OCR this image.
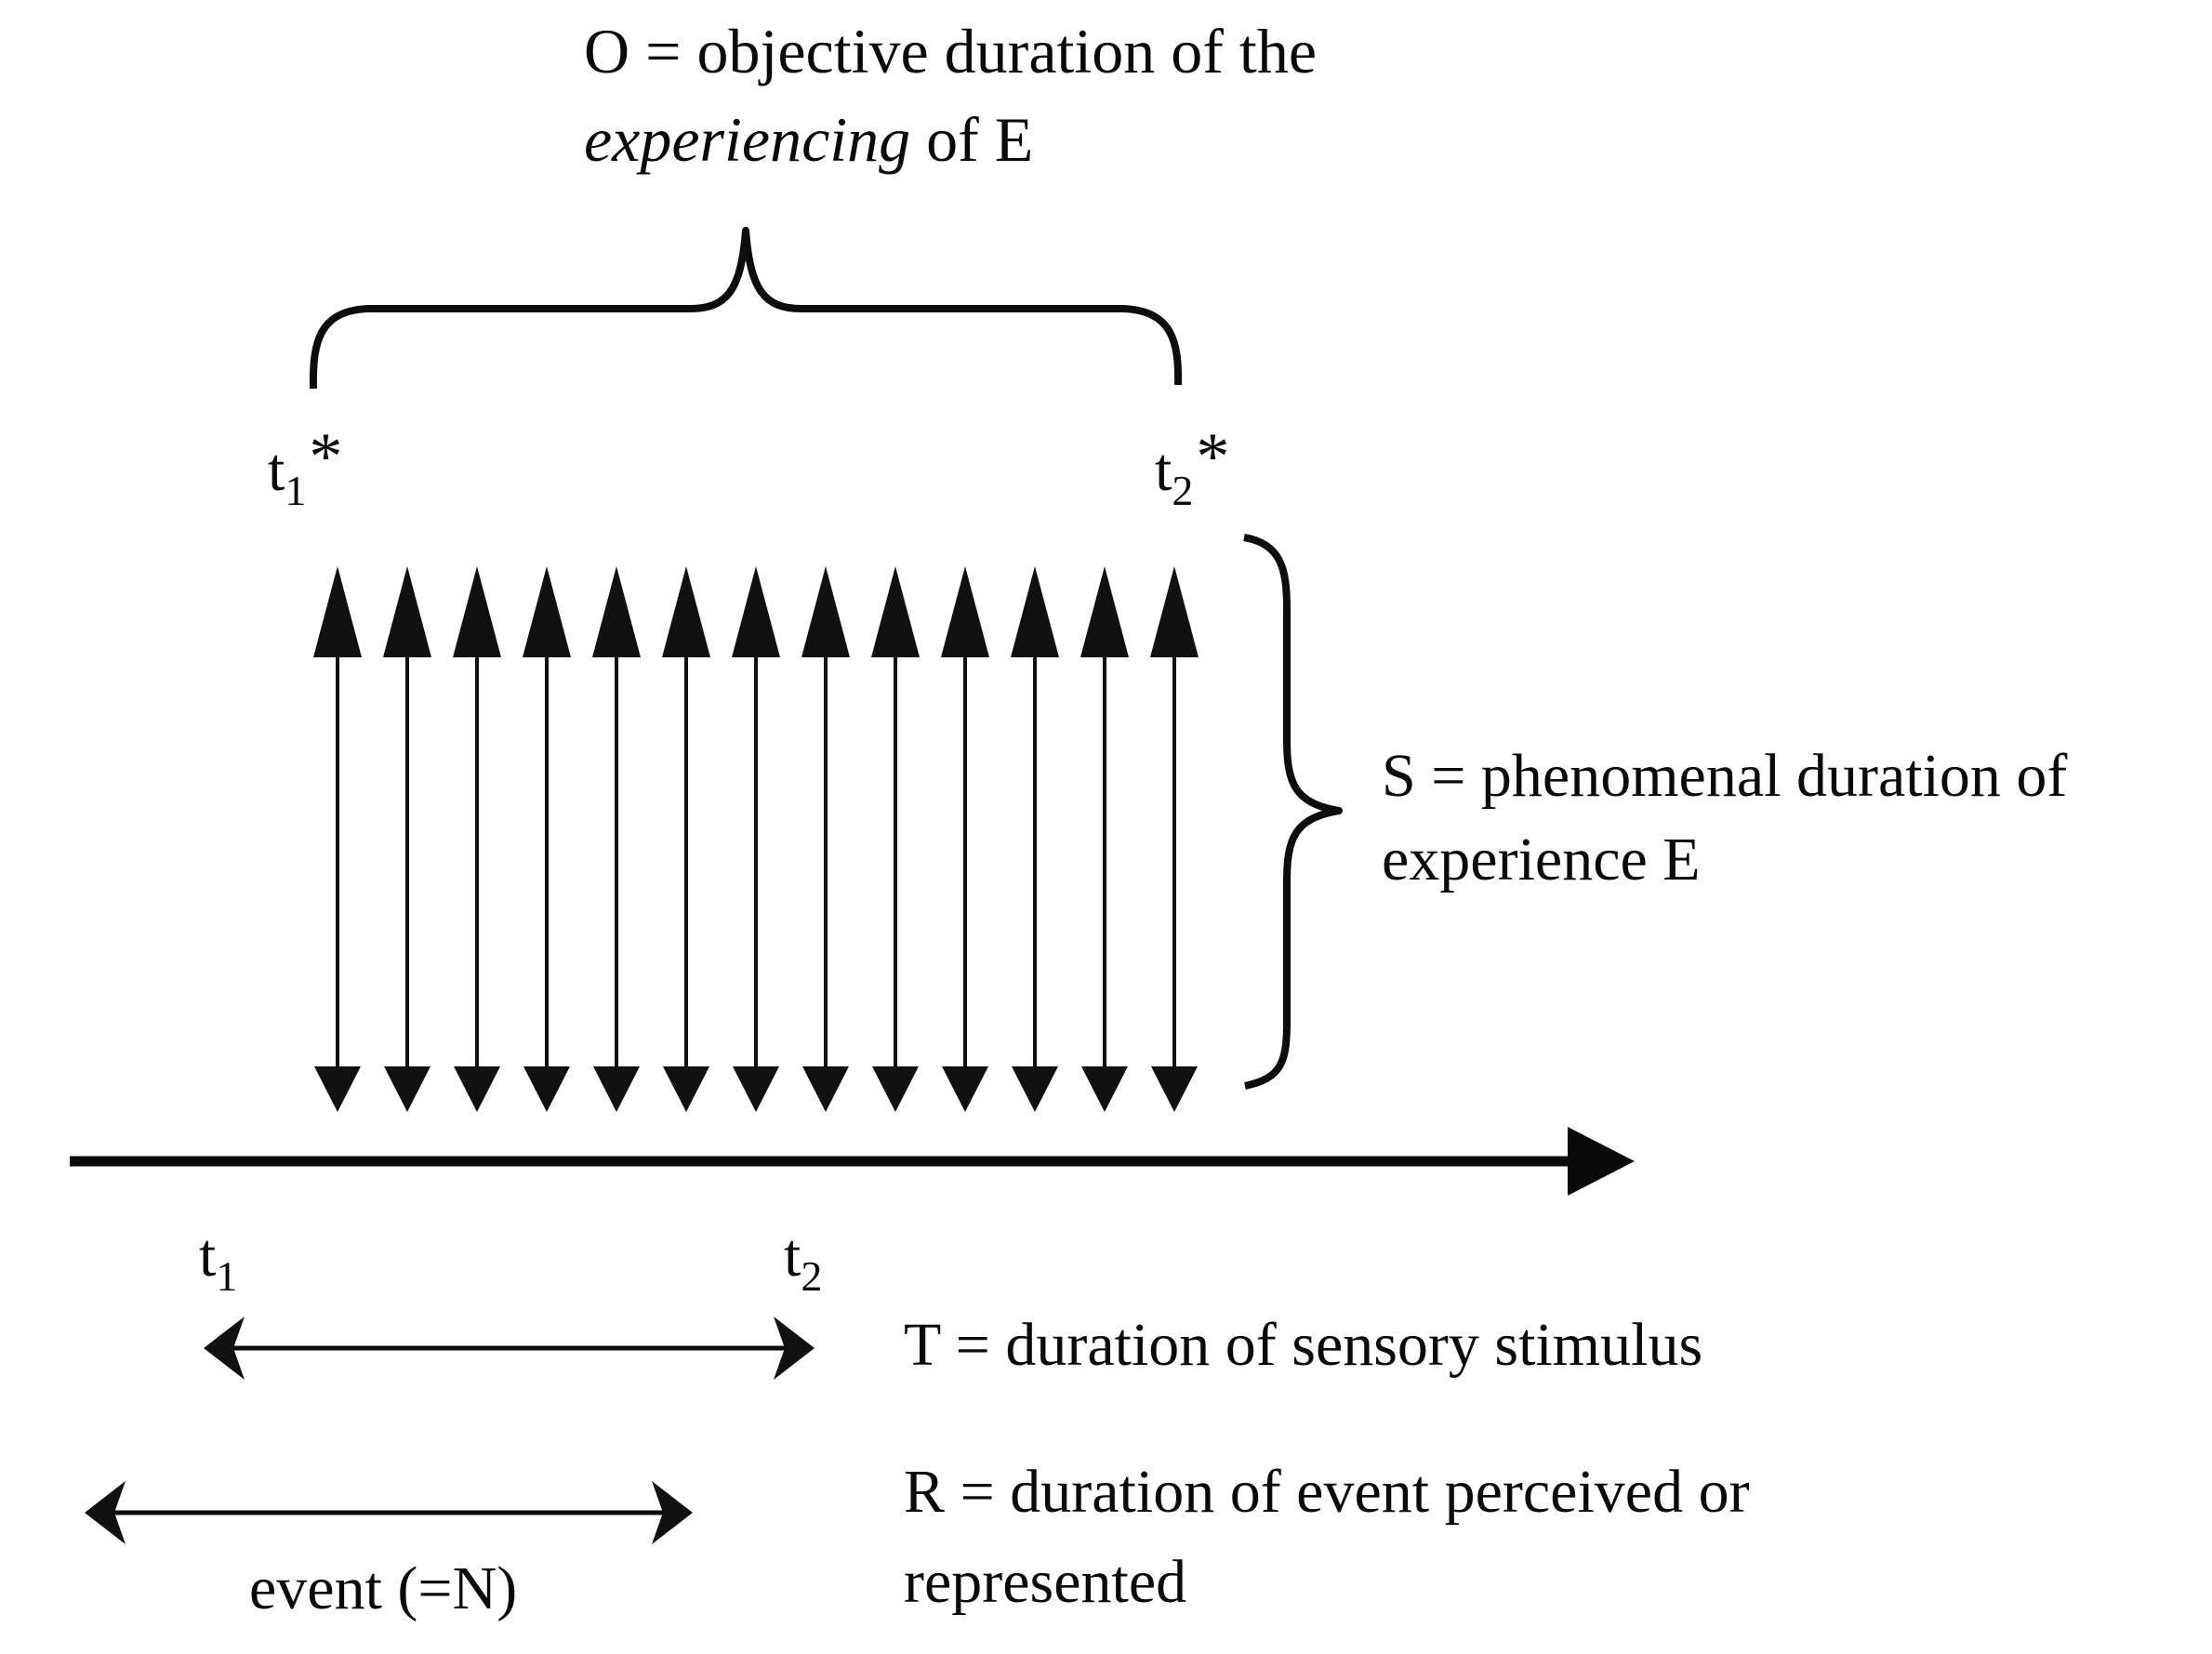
O = objective duration of the
experiencing of E
$t_1*$	$t_2*$
S = phenomenal duration of
experience E
$t_1$	$t_2$
T = duration of sensory stimulus
event (=N)
R = duration of event perceived or
represented
